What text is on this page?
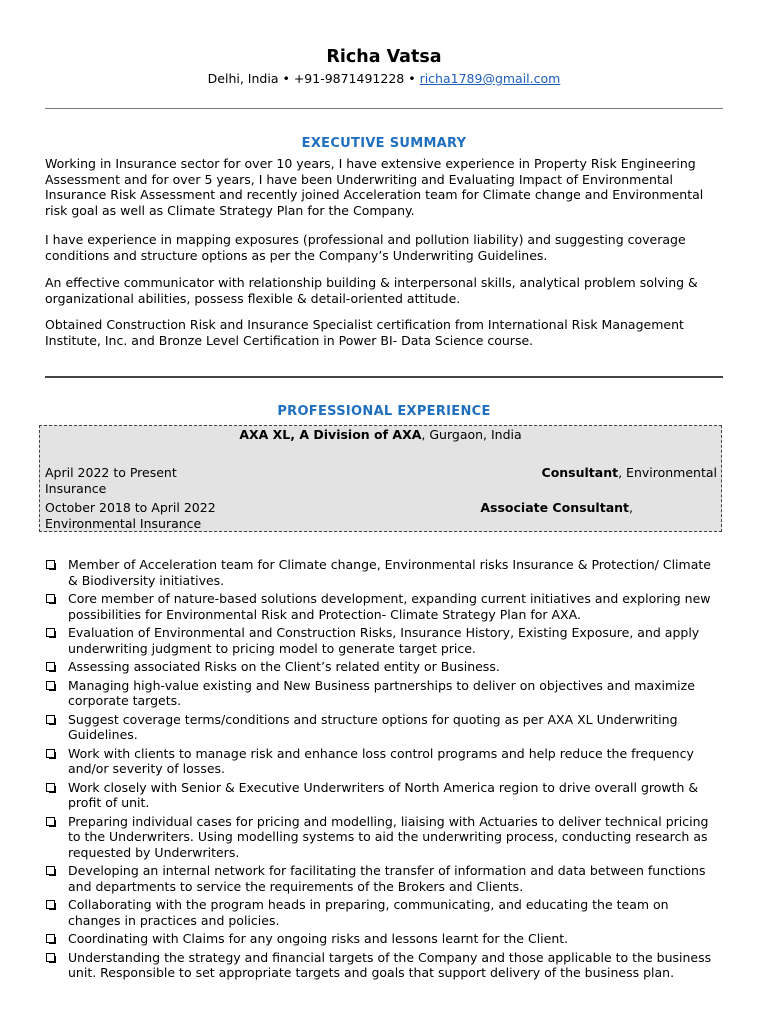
Richa Vatsa
Delhi, India • +91-9871491228 • richa1789@gmail.com
EXECUTIVE SUMMARY

Working in Insurance sector for over 10 years, I have extensive experience in Property Risk Engineering Assessment and for over 5 years, I have been Underwriting and Evaluating Impact of Environmental Insurance Risk Assessment and recently joined Acceleration team for Climate change and Environmental risk goal as well as Climate Strategy Plan for the Company.

I have experience in mapping exposures (professional and pollution liability) and suggesting coverage conditions and structure options as per the Company’s Underwriting Guidelines.

An effective communicator with relationship building & interpersonal skills, analytical problem solving & organizational abilities, possess flexible & detail-oriented attitude.

Obtained Construction Risk and Insurance Specialist certification from International Risk Management Institute, Inc. and Bronze Level Certification in Power BI- Data Science course.

PROFESSIONAL EXPERIENCE
AXA XL, A Division of AXA, Gurgaon, India
April 2022 to Present	Consultant, Environmental
Insurance
October 2018 to April 2022	Associate Consultant,
Environmental Insurance
Member of Acceleration team for Climate change, Environmental risks Insurance & Protection/ Climate & Biodiversity initiatives.
Core member of nature-based solutions development, expanding current initiatives and exploring new possibilities for Environmental Risk and Protection- Climate Strategy Plan for AXA.
Evaluation of Environmental and Construction Risks, Insurance History, Existing Exposure, and apply underwriting judgment to pricing model to generate target price.
Assessing associated Risks on the Client’s related entity or Business.
Managing high-value existing and New Business partnerships to deliver on objectives and maximize corporate targets.
Suggest coverage terms/conditions and structure options for quoting as per AXA XL Underwriting Guidelines.
Work with clients to manage risk and enhance loss control programs and help reduce the frequency and/or severity of losses.
Work closely with Senior & Executive Underwriters of North America region to drive overall growth & profit of unit.
Preparing individual cases for pricing and modelling, liaising with Actuaries to deliver technical pricing to the Underwriters. Using modelling systems to aid the underwriting process, conducting research as requested by Underwriters.
Developing an internal network for facilitating the transfer of information and data between functions and departments to service the requirements of the Brokers and Clients.
Collaborating with the program heads in preparing, communicating, and educating the team on changes in practices and policies.
Coordinating with Claims for any ongoing risks and lessons learnt for the Client.
Understanding the strategy and financial targets of the Company and those applicable to the business unit. Responsible to set appropriate targets and goals that support delivery of the business plan.
